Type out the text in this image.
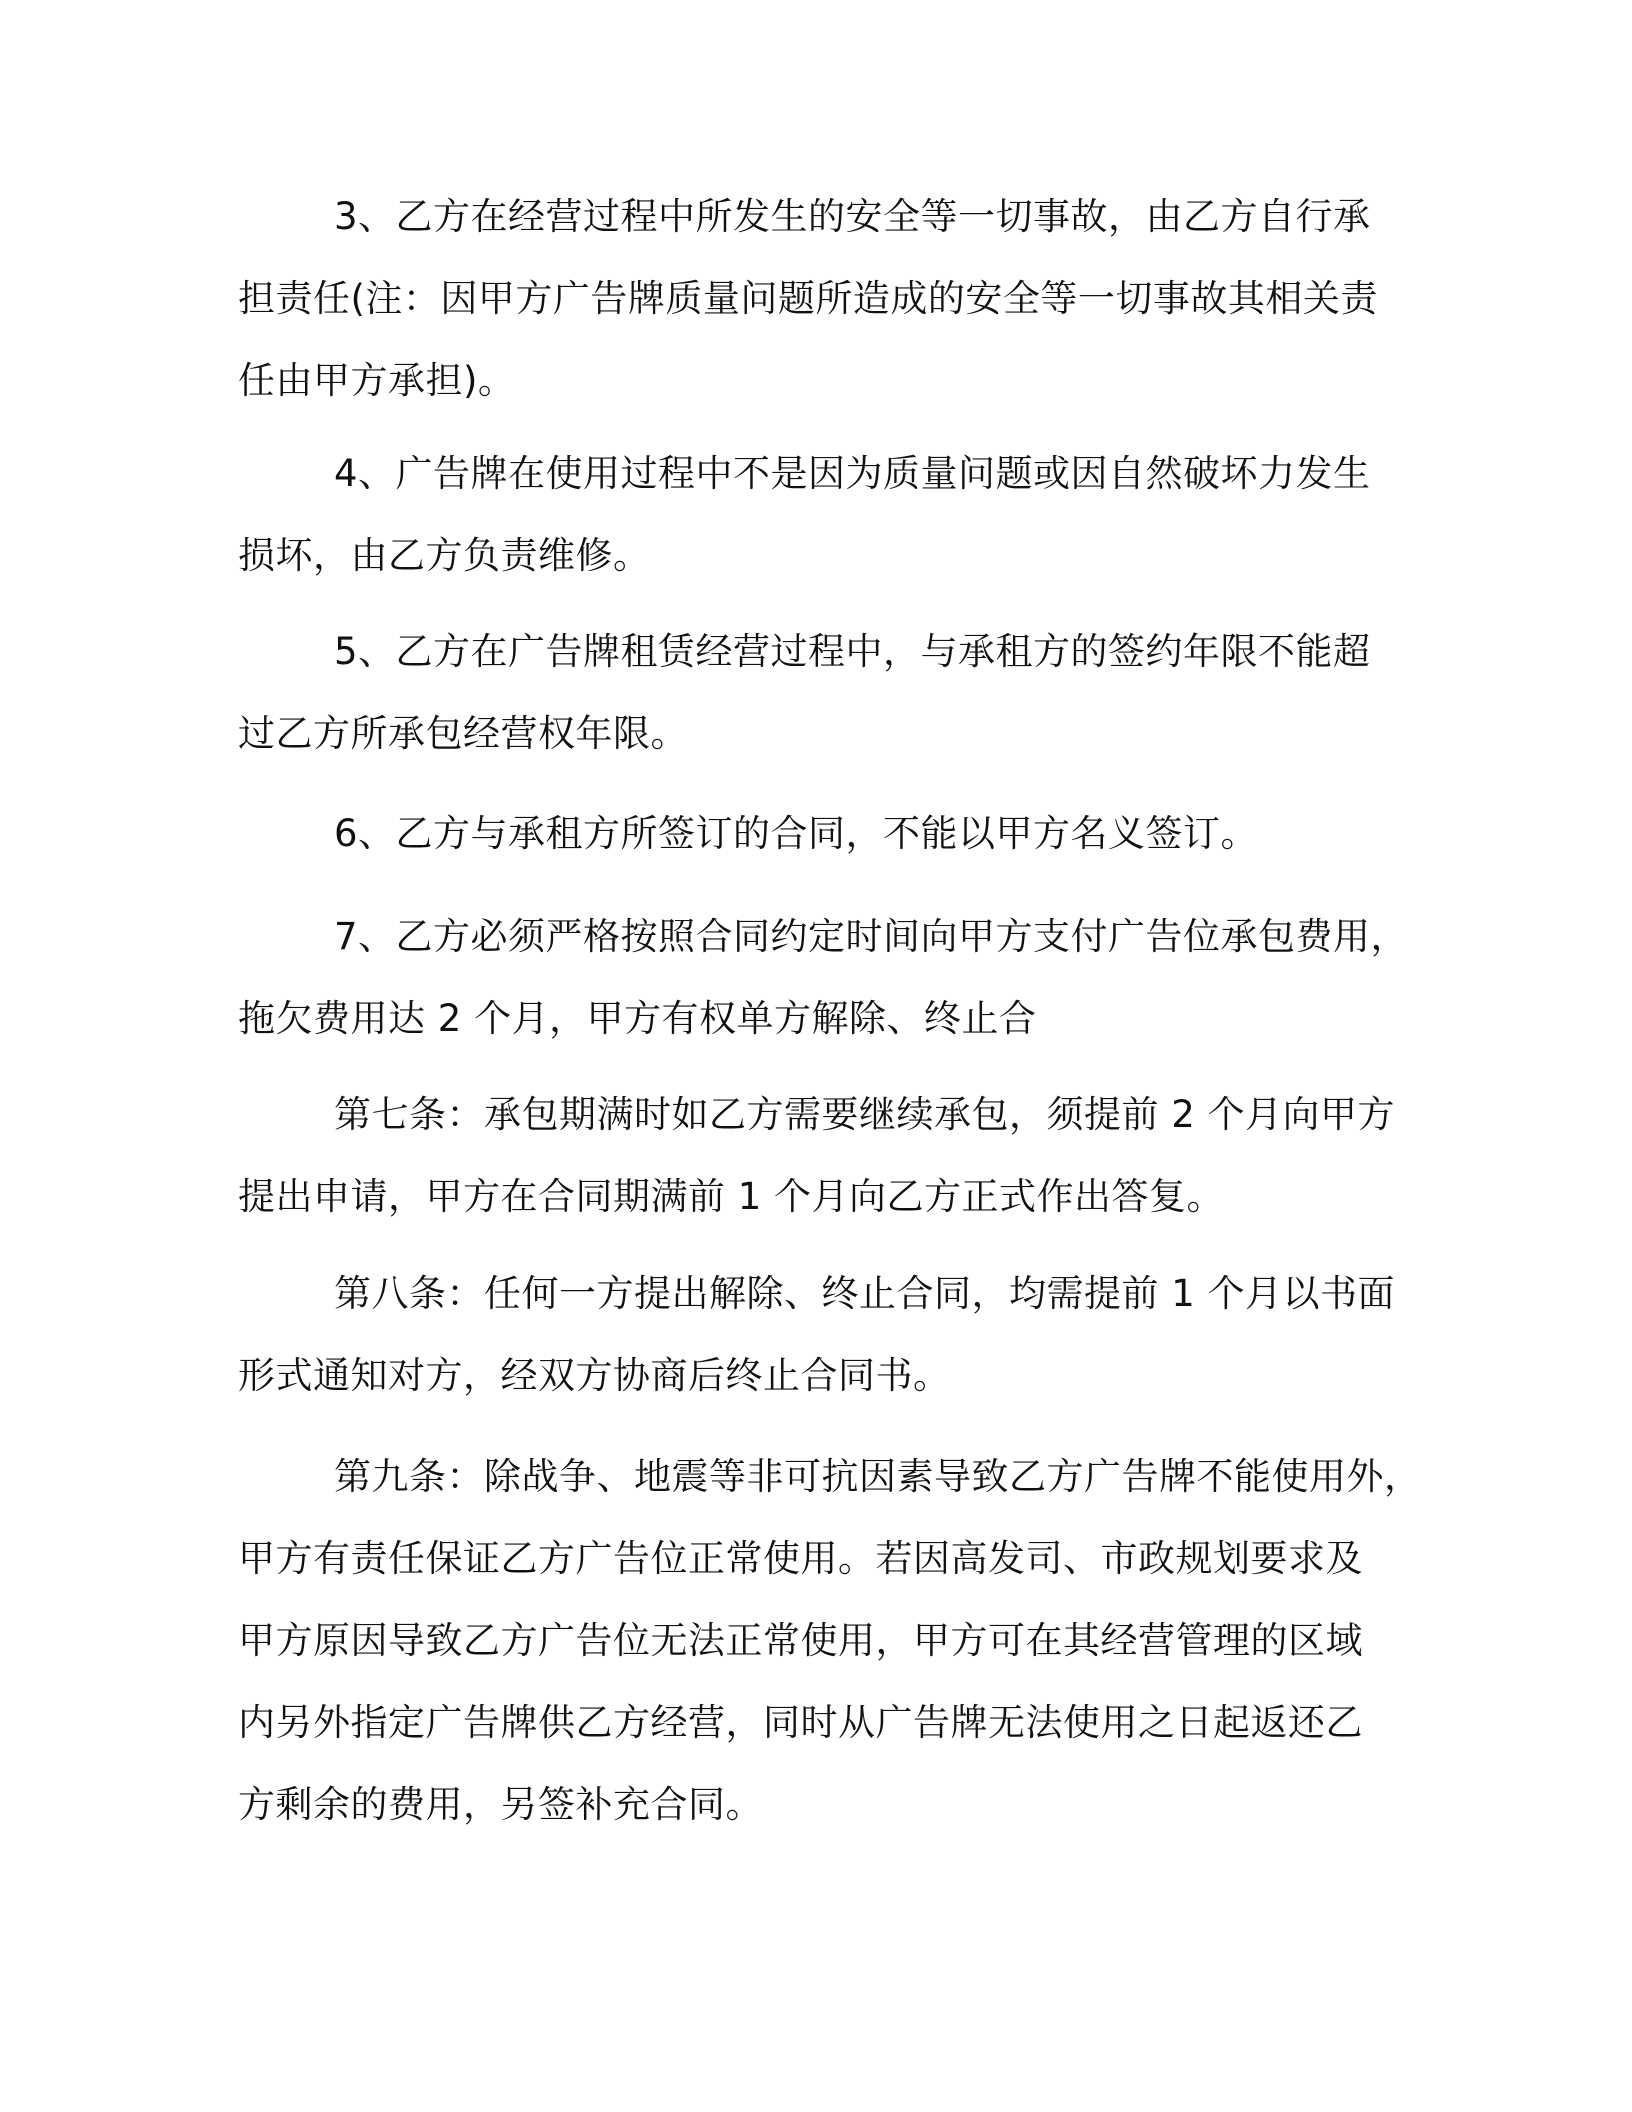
3、乙方在经营过程中所发生的安全等一切事故，由乙方自行承
担责任(注：因甲方广告牌质量问题所造成的安全等一切事故其相关责
任由甲方承担)。
4、广告牌在使用过程中不是因为质量问题或因自然破坏力发生
损坏，由乙方负责维修。
5、乙方在广告牌租赁经营过程中，与承租方的签约年限不能超
过乙方所承包经营权年限。
6、乙方与承租方所签订的合同，不能以甲方名义签订。
7、乙方必须严格按照合同约定时间向甲方支付广告位承包费用，
拖欠费用达 2 个月，甲方有权单方解除、终止合
第七条：承包期满时如乙方需要继续承包，须提前 2 个月向甲方
提出申请，甲方在合同期满前 1 个月向乙方正式作出答复。
第八条：任何一方提出解除、终止合同，均需提前 1 个月以书面
形式通知对方，经双方协商后终止合同书。
第九条：除战争、地震等非可抗因素导致乙方广告牌不能使用外，
甲方有责任保证乙方广告位正常使用。若因高发司、市政规划要求及
甲方原因导致乙方广告位无法正常使用，甲方可在其经营管理的区域
内另外指定广告牌供乙方经营，同时从广告牌无法使用之日起返还乙
方剩余的费用，另签补充合同。
